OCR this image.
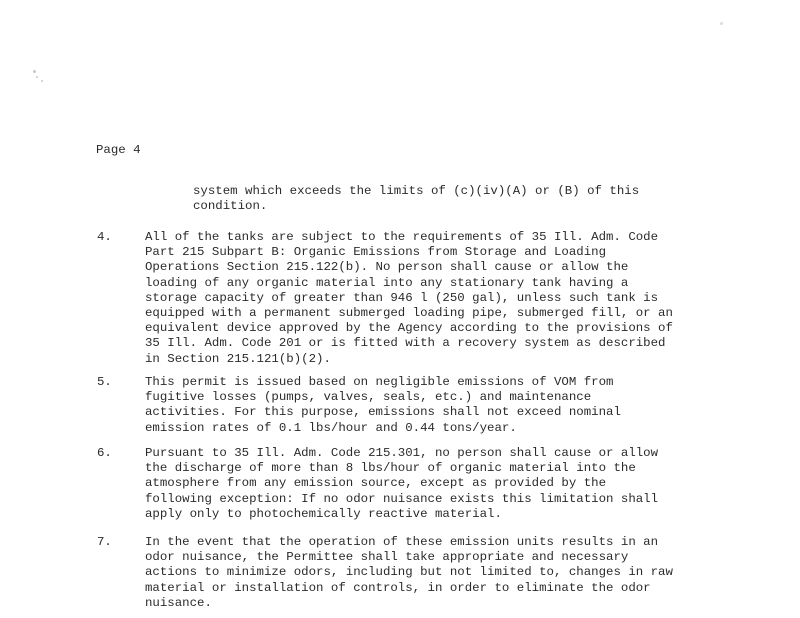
Page 4
system which exceeds the limits of (c)(iv)(A) or (B) of this
condition.
4.	All of the tanks are subject to the requirements of 35 Ill. Adm. Code
Part 215 Subpart B: Organic Emissions from Storage and Loading
Operations Section 215.122(b). No person shall cause or allow the
loading of any organic material into any stationary tank having a
storage capacity of greater than 946 l (250 gal), unless such tank is
equipped with a permanent submerged loading pipe, submerged fill, or an
equivalent device approved by the Agency according to the provisions of
35 Ill. Adm. Code 201 or is fitted with a recovery system as described
in Section 215.121(b)(2).
5.	This permit is issued based on negligible emissions of VOM from
fugitive losses (pumps, valves, seals, etc.) and maintenance
activities. For this purpose, emissions shall not exceed nominal
emission rates of 0.1 lbs/hour and 0.44 tons/year.
6.	Pursuant to 35 Ill. Adm. Code 215.301, no person shall cause or allow
the discharge of more than 8 lbs/hour of organic material into the
atmosphere from any emission source, except as provided by the
following exception: If no odor nuisance exists this limitation shall
apply only to photochemically reactive material.
7.	In the event that the operation of these emission units results in an
odor nuisance, the Permittee shall take appropriate and necessary
actions to minimize odors, including but not limited to, changes in raw
material or installation of controls, in order to eliminate the odor
nuisance.
